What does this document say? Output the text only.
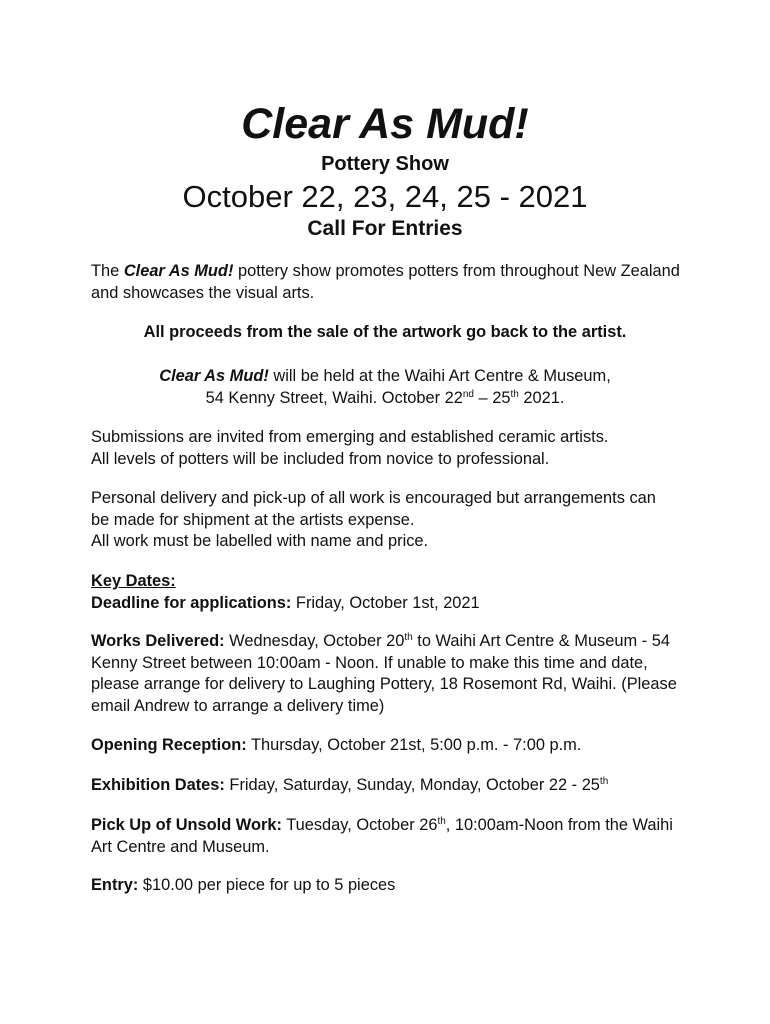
Clear As Mud!
Pottery Show
October 22, 23, 24, 25 - 2021
Call For Entries
The Clear As Mud! pottery show promotes potters from throughout New Zealand and showcases the visual arts.
All proceeds from the sale of the artwork go back to the artist.
Clear As Mud! will be held at the Waihi Art Centre & Museum,
54 Kenny Street, Waihi. October 22nd – 25th 2021.
Submissions are invited from emerging and established ceramic artists.
All levels of potters will be included from novice to professional.
Personal delivery and pick-up of all work is encouraged but arrangements can be made for shipment at the artists expense.
All work must be labelled with name and price.
Key Dates:
Deadline for applications: Friday, October 1st, 2021
Works Delivered: Wednesday, October 20th to Waihi Art Centre & Museum - 54 Kenny Street between 10:00am - Noon. If unable to make this time and date, please arrange for delivery to Laughing Pottery, 18 Rosemont Rd, Waihi. (Please email Andrew to arrange a delivery time)
Opening Reception: Thursday, October 21st, 5:00 p.m. - 7:00 p.m.
Exhibition Dates: Friday, Saturday, Sunday, Monday, October 22 - 25th
Pick Up of Unsold Work: Tuesday, October 26th, 10:00am-Noon from the Waihi Art Centre and Museum.
Entry: $10.00 per piece for up to 5 pieces
